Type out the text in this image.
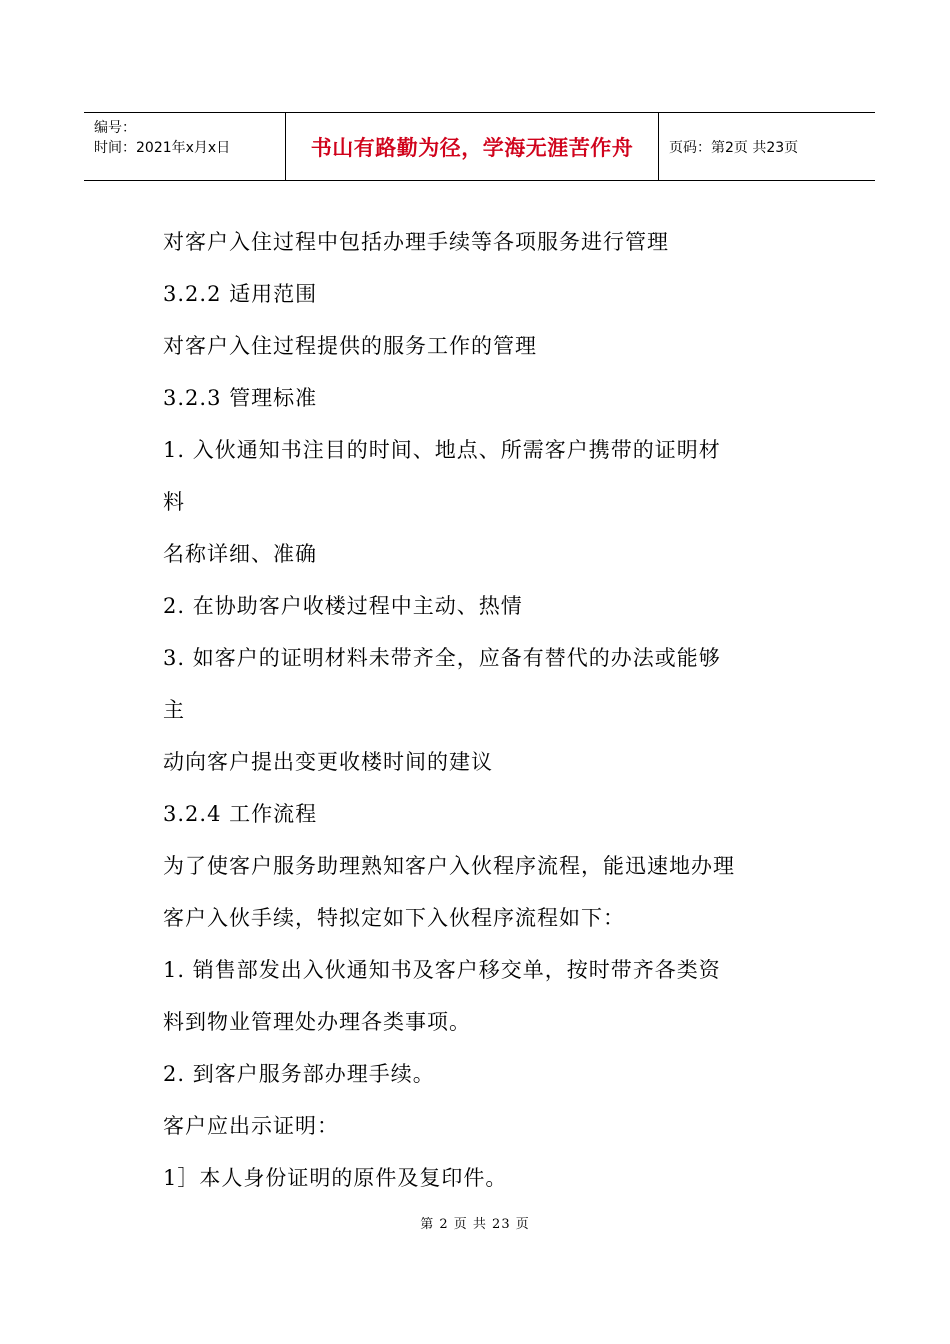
编号：
时间：2021年x月x日	书山有路勤为径，学海无涯苦作舟	页码：第2页 共23页
对客户入住过程中包括办理手续等各项服务进行管理
3.2.2 适用范围
对客户入住过程提供的服务工作的管理
3.2.3 管理标准
1. 入伙通知书注目的时间、地点、所需客户携带的证明材
料
名称详细、准确
2. 在协助客户收楼过程中主动、热情
3. 如客户的证明材料未带齐全，应备有替代的办法或能够
主
动向客户提出变更收楼时间的建议
3.2.4 工作流程
为了使客户服务助理熟知客户入伙程序流程，能迅速地办理
客户入伙手续，特拟定如下入伙程序流程如下：
1. 销售部发出入伙通知书及客户移交单，按时带齐各类资
料到物业管理处办理各类事项。
2. 到客户服务部办理手续。
客户应出示证明：
1］本人身份证明的原件及复印件。
第 2 页 共 23 页
